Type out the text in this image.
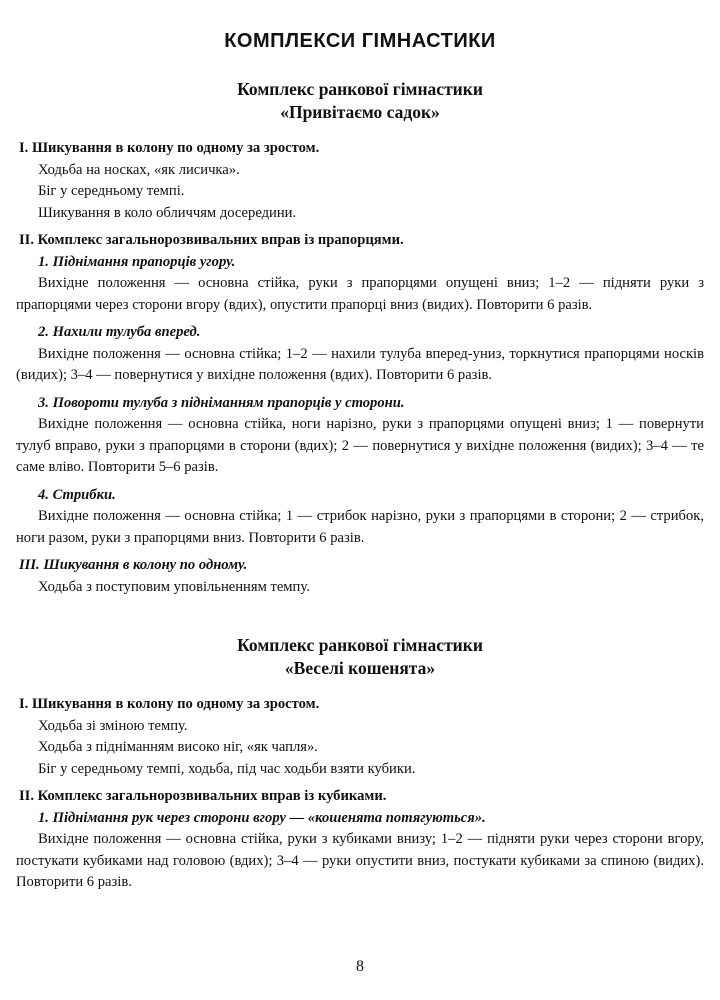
КОМПЛЕКСИ ГІМНАСТИКИ
Комплекс ранкової гімнастики
«Привітаємо садок»

І. Шикування в колону по одному за зростом.

Ходьба на носках, «як лисичка».

Біг у середньому темпі.

Шикування в коло обличчям досередини.

ІІ. Комплекс загальнорозвивальних вправ із прапорцями.

1. Піднімання прапорців угору.

Вихідне положення — основна стійка, руки з прапорцями опущені вниз; 1–2 — підняти руки з прапорцями через сторони вгору (вдих), опустити прапорці вниз (видих). Повторити 6 разів.

2. Нахили тулуба вперед.

Вихідне положення — основна стійка; 1–2 — нахили тулуба вперед-униз, торкнутися прапорцями носків (видих); 3–4 — повернутися у вихідне положення (вдих). Повторити 6 разів.

3. Повороти тулуба з підніманням прапорців у сторони.

Вихідне положення — основна стійка, ноги нарізно, руки з прапорцями опущені вниз; 1 — повернути тулуб вправо, руки з прапорцями в сторони (вдих); 2 — повернутися у вихідне положення (видих); 3–4 — те саме вліво. Повторити 5–6 разів.

4. Стрибки.

Вихідне положення — основна стійка; 1 — стрибок нарізно, руки з прапорцями в сторони; 2 — стрибок, ноги разом, руки з прапорцями вниз. Повторити 6 разів.

ІІІ. Шикування в колону по одному.

Ходьба з поступовим уповільненням темпу.

Комплекс ранкової гімнастики
«Веселі кошенята»

І. Шикування в колону по одному за зростом.

Ходьба зі зміною темпу.

Ходьба з підніманням високо ніг, «як чапля».

Біг у середньому темпі, ходьба, під час ходьби взяти кубики.

ІІ. Комплекс загальнорозвивальних вправ із кубиками.

1. Піднімання рук через сторони вгору — «кошенята потягуються».

Вихідне положення — основна стійка, руки з кубиками внизу; 1–2 — підняти руки через сторони вгору, постукати кубиками над головою (вдих); 3–4 — руки опустити вниз, постукати кубиками за спиною (видих). Повторити 6 разів.

8
